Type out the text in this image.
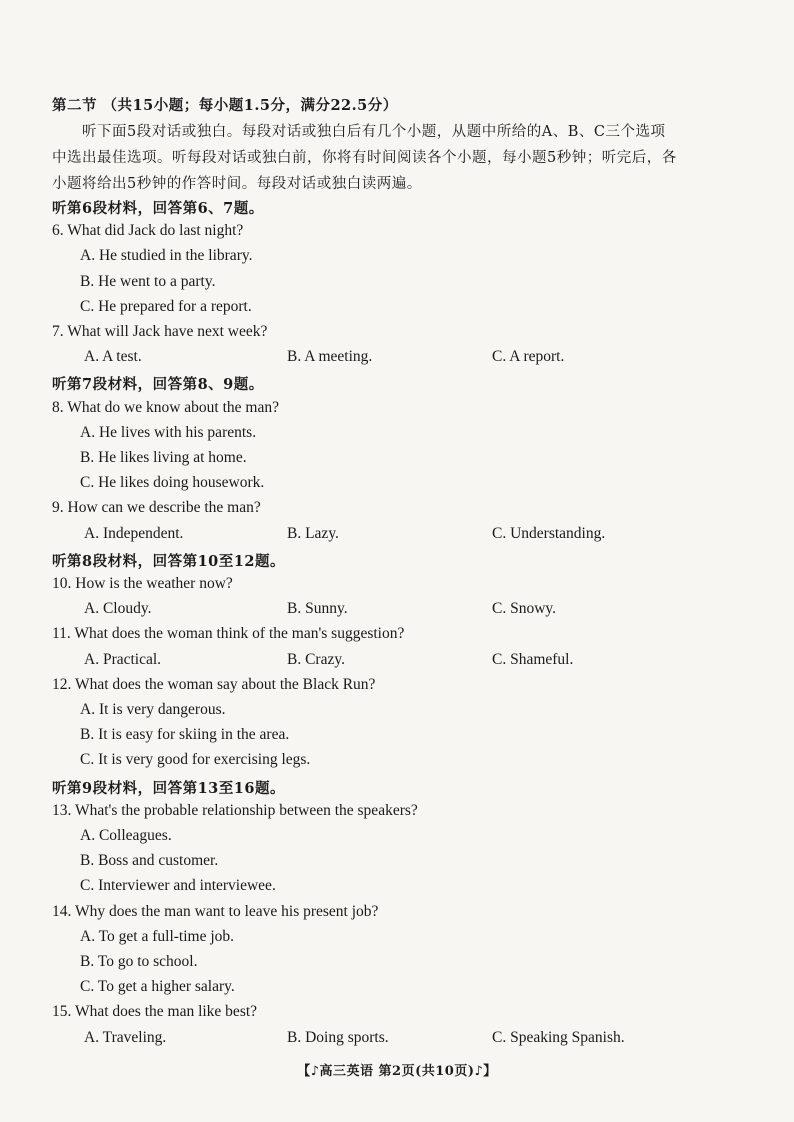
第二节 （共15小题；每小题1.5分，满分22.5分）
听下面5段对话或独白。每段对话或独白后有几个小题，从题中所给的A、B、C三个选项
中选出最佳选项。听每段对话或独白前，你将有时间阅读各个小题，每小题5秒钟；听完后，各
小题将给出5秒钟的作答时间。每段对话或独白读两遍。
听第6段材料，回答第6、7题。
6. What did Jack do last night?
A. He studied in the library.
B. He went to a party.
C. He prepared for a report.
7. What will Jack have next week?
A. A test.	B. A meeting.	C. A report.
听第7段材料，回答第8、9题。
8. What do we know about the man?
A. He lives with his parents.
B. He likes living at home.
C. He likes doing housework.
9. How can we describe the man?
A. Independent.	B. Lazy.	C. Understanding.
听第8段材料，回答第10至12题。
10. How is the weather now?
A. Cloudy.	B. Sunny.	C. Snowy.
11. What does the woman think of the man's suggestion?
A. Practical.	B. Crazy.	C. Shameful.
12. What does the woman say about the Black Run?
A. It is very dangerous.
B. It is easy for skiing in the area.
C. It is very good for exercising legs.
听第9段材料，回答第13至16题。
13. What's the probable relationship between the speakers?
A. Colleagues.
B. Boss and customer.
C. Interviewer and interviewee.
14. Why does the man want to leave his present job?
A. To get a full-time job.
B. To go to school.
C. To get a higher salary.
15. What does the man like best?
A. Traveling.	B. Doing sports.	C. Speaking Spanish.
【♪高三英语 第2页(共10页)♪】
